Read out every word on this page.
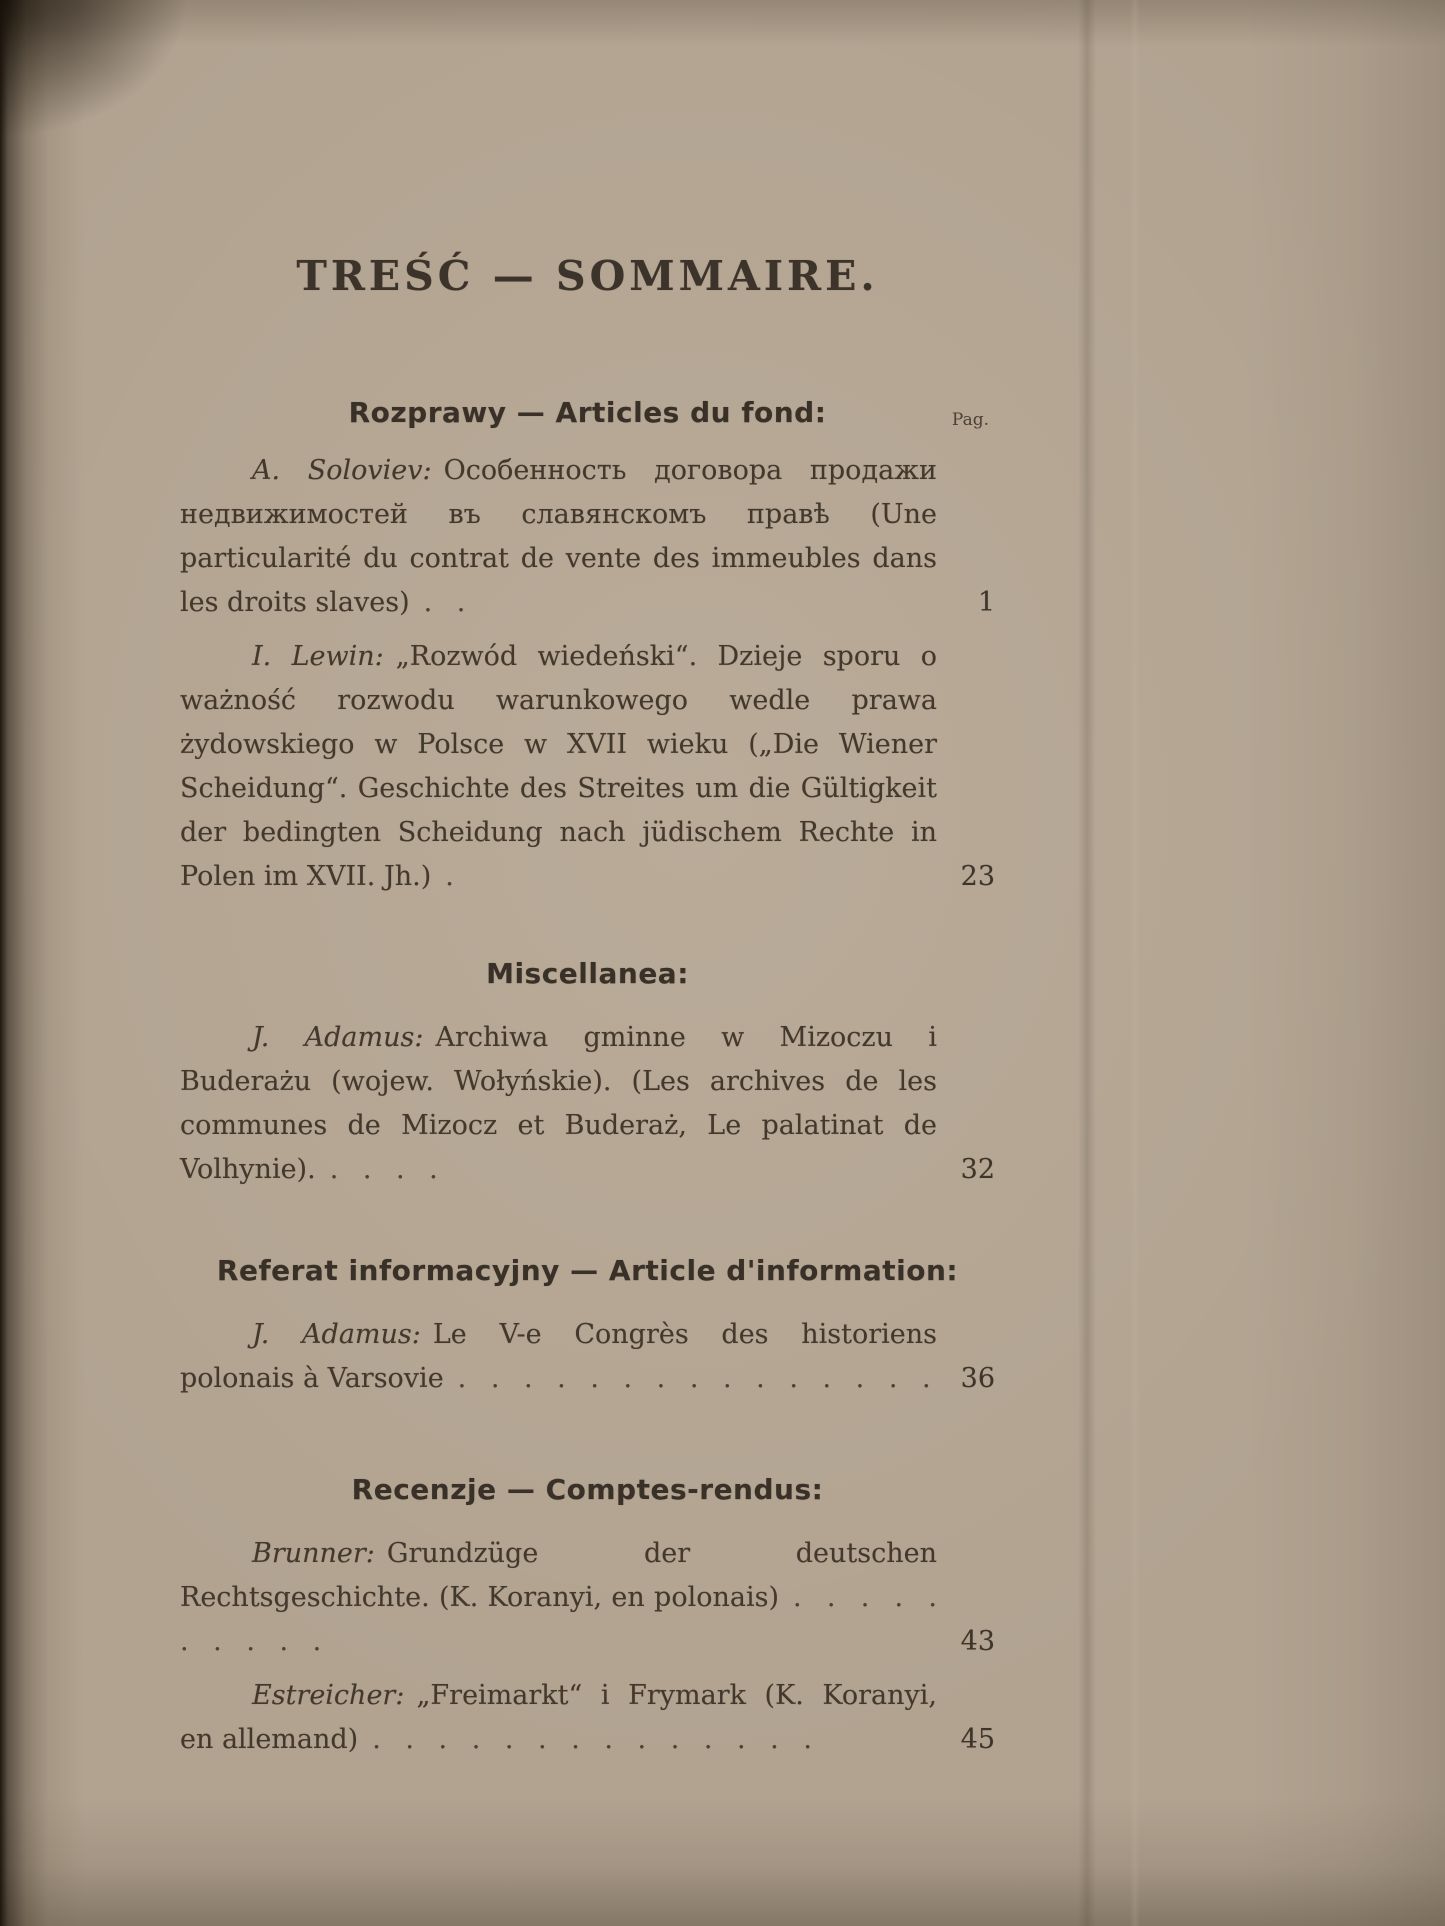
TREŚĆ — SOMMAIRE.
Rozprawy — Articles du fond:	Pag.
A. Soloviev: Особенность договора продажи недвижимостей въ славянскомъ правѣ (Une particularité du contrat de vente des immeubles dans les droits slaves) . .	1
I. Lewin: „Rozwód wiedeński“. Dzieje sporu o ważność rozwodu warunkowego wedle prawa żydowskiego w Polsce w XVII wieku („Die Wiener Scheidung“. Geschichte des Streites um die Gültigkeit der bedingten Scheidung nach jüdischem Rechte in Polen im XVII. Jh.) .	23
Miscellanea:
J. Adamus: Archiwa gminne w Mizoczu i Buderażu (wojew. Wołyńskie). (Les archives de les communes de Mizocz et Buderaż, Le palatinat de Volhynie). . . . .	32
Referat informacyjny — Article d'information:
J. Adamus: Le V-e Congrès des historiens polonais à Varsovie . . . . . . . . . . . . . . . 36
Recenzje — Comptes-rendus:
Brunner: Grundzüge der deutschen Rechtsgeschichte. (K. Koranyi, en polonais) . . . . . . . . . .	43
Estreicher: „Freimarkt“ i Frymark (K. Koranyi, en allemand) . . . . . . . . . . . . . .	45
